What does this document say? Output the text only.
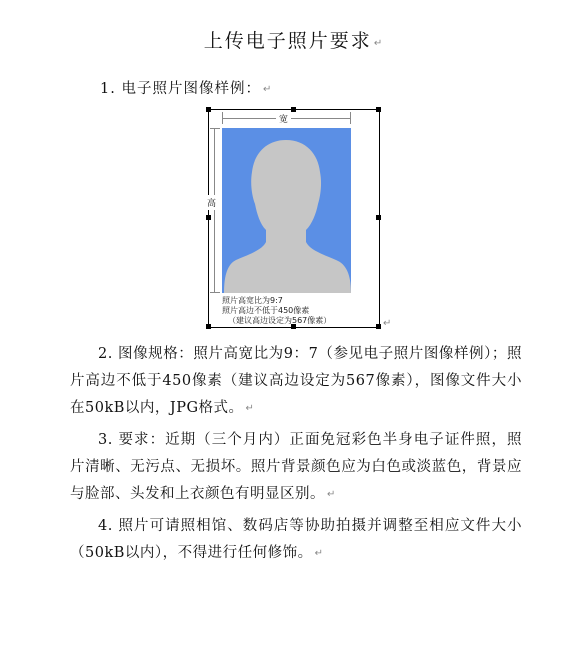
上传电子照片要求 ↵
1. 电子照片图像样例： ↵
宽
高
照片高宽比为9:7
照片高边不低于450像素
（建议高边设定为567像素）	↵
2. 图像规格：照片高宽比为9：7（参见电子照片图像样例）；照片高边不低于450像素（建议高边设定为567像素），图像文件大小在50kB以内，JPG格式。 ↵
3. 要求：近期（三个月内）正面免冠彩色半身电子证件照，照片清晰、无污点、无损坏。照片背景颜色应为白色或淡蓝色，背景应与脸部、头发和上衣颜色有明显区别。 ↵
4. 照片可请照相馆、数码店等协助拍摄并调整至相应文件大小（50kB以内），不得进行任何修饰。 ↵
